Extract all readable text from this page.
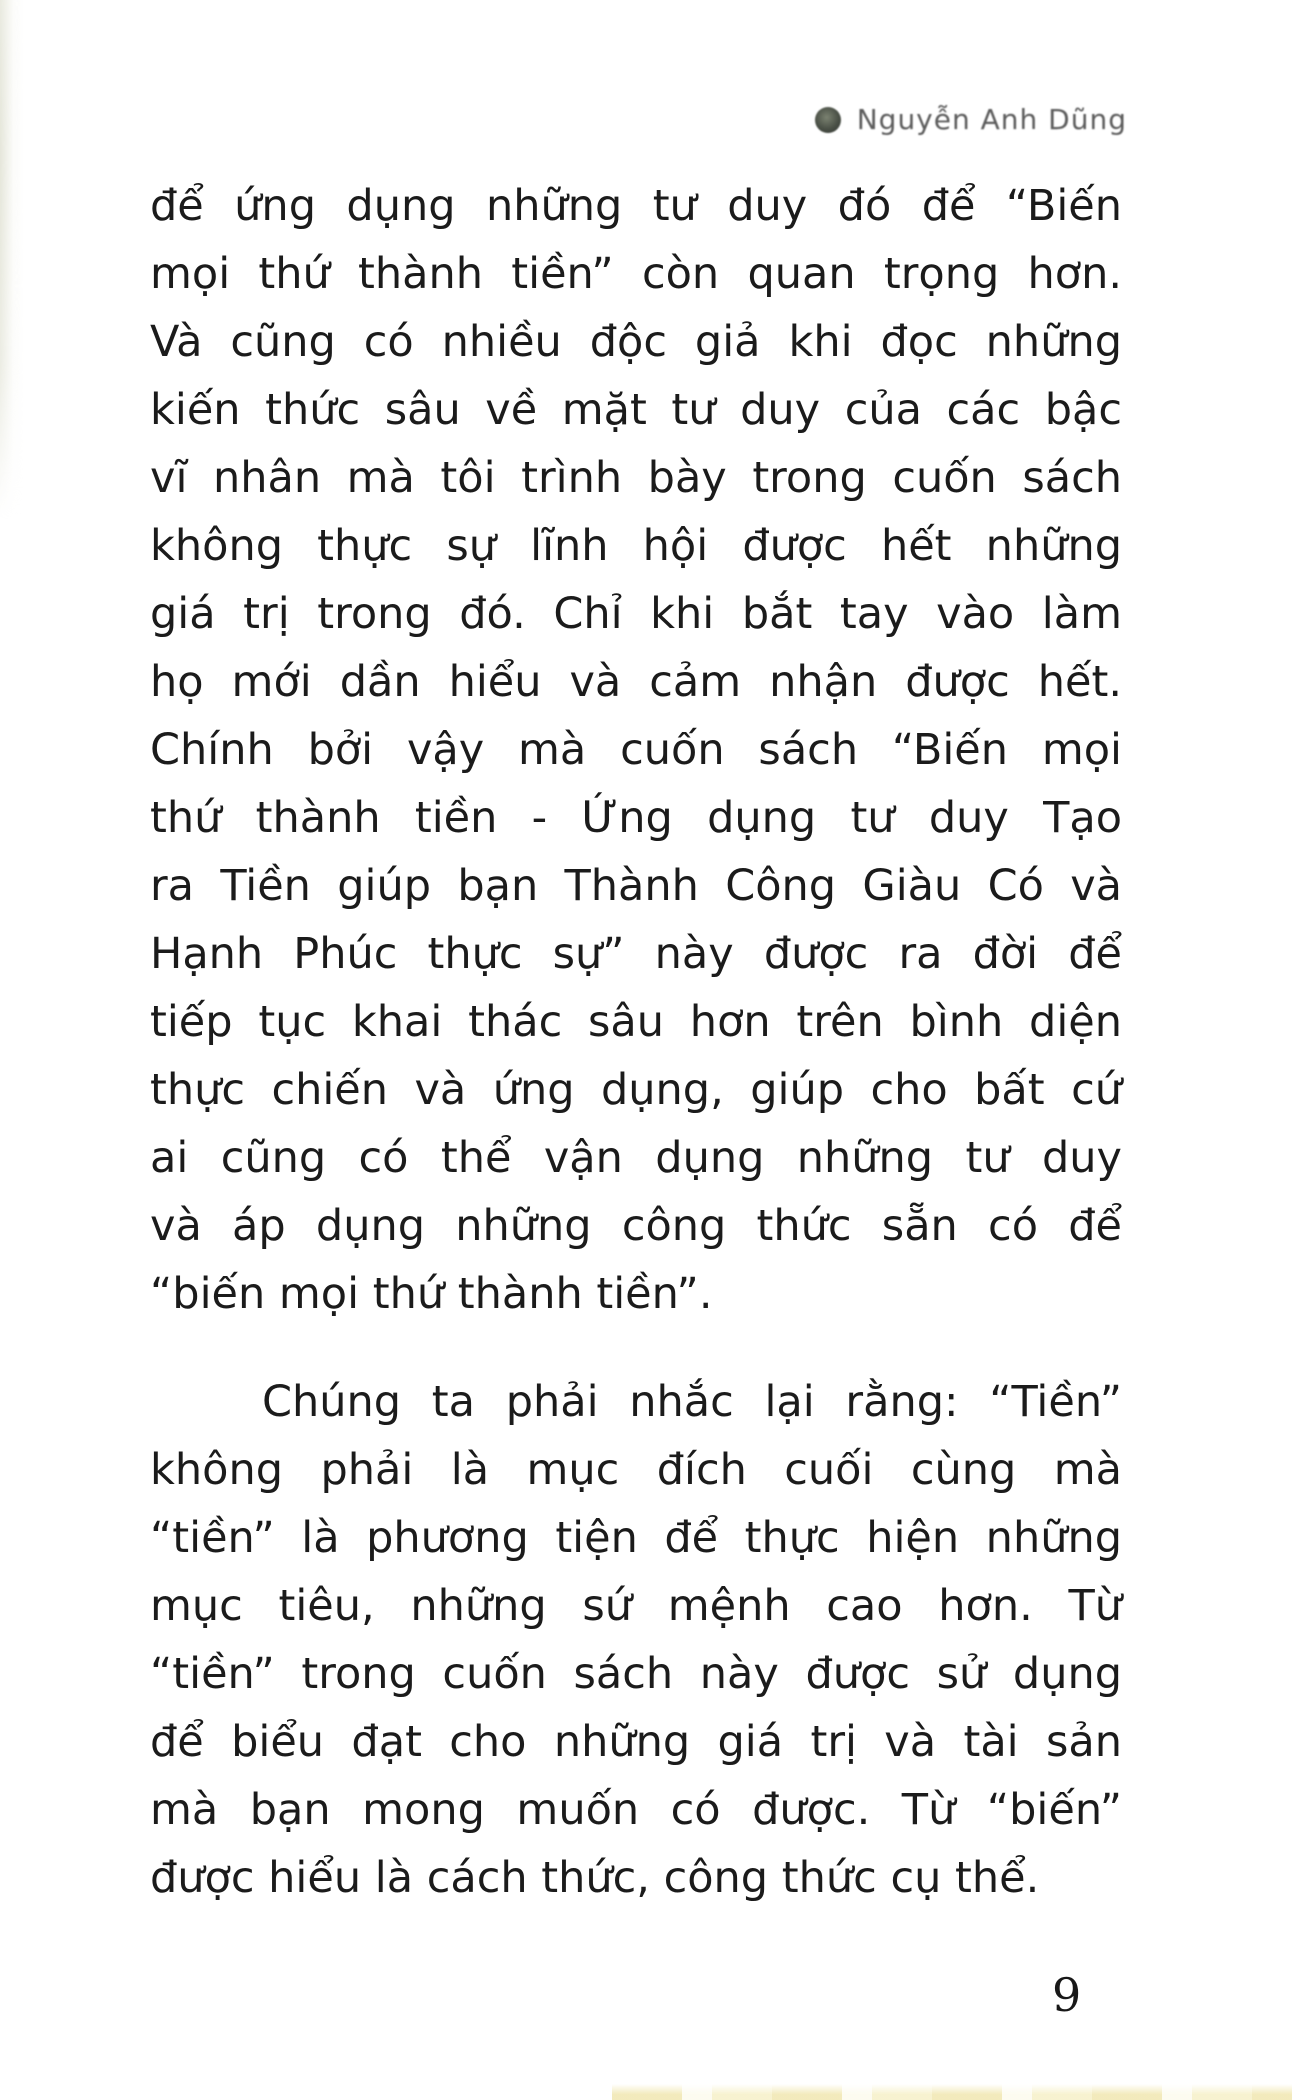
Nguyễn Anh Dũng
để ứng dụng những tư duy đó để “Biến
mọi thứ thành tiền” còn quan trọng hơn.
Và cũng có nhiều độc giả khi đọc những
kiến thức sâu về mặt tư duy của các bậc
vĩ nhân mà tôi trình bày trong cuốn sách
không thực sự lĩnh hội được hết những
giá trị trong đó. Chỉ khi bắt tay vào làm
họ mới dần hiểu và cảm nhận được hết.
Chính bởi vậy mà cuốn sách “Biến mọi
thứ thành tiền - Ứng dụng tư duy Tạo
ra Tiền giúp bạn Thành Công Giàu Có và
Hạnh Phúc thực sự” này được ra đời để
tiếp tục khai thác sâu hơn trên bình diện
thực chiến và ứng dụng, giúp cho bất cứ
ai cũng có thể vận dụng những tư duy
và áp dụng những công thức sẵn có để
“biến mọi thứ thành tiền”.
Chúng ta phải nhắc lại rằng: “Tiền”
không phải là mục đích cuối cùng mà
“tiền” là phương tiện để thực hiện những
mục tiêu, những sứ mệnh cao hơn. Từ
“tiền” trong cuốn sách này được sử dụng
để biểu đạt cho những giá trị và tài sản
mà bạn mong muốn có được. Từ “biến”
được hiểu là cách thức, công thức cụ thể.
9
